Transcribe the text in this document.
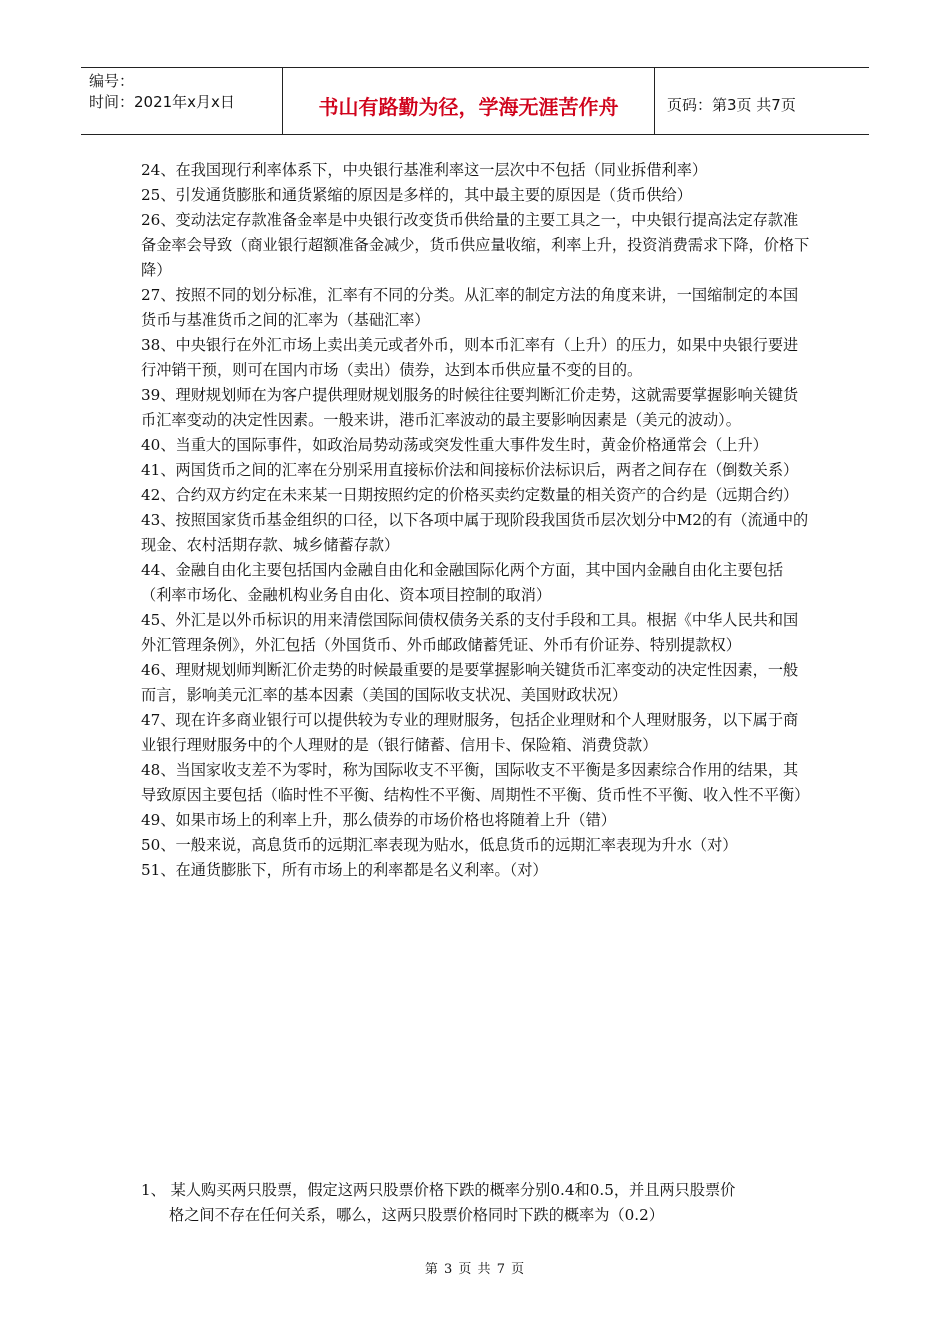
编号：
时间：2021年x月x日	书山有路勤为径，学海无涯苦作舟	页码：第3页 共7页

24、在我国现行利率体系下，中央银行基准利率这一层次中不包括（同业拆借利率）

25、引发通货膨胀和通货紧缩的原因是多样的，其中最主要的原因是（货币供给）

26、变动法定存款准备金率是中央银行改变货币供给量的主要工具之一，中央银行提高法定存款准备金率会导致（商业银行超额准备金减少，货币供应量收缩，利率上升，投资消费需求下降，价格下降）

27、按照不同的划分标准，汇率有不同的分类。从汇率的制定方法的角度来讲，一国缩制定的本国货币与基准货币之间的汇率为（基础汇率）

38、中央银行在外汇市场上卖出美元或者外币，则本币汇率有（上升）的压力，如果中央银行要进行冲销干预，则可在国内市场（卖出）债券，达到本币供应量不变的目的。

39、理财规划师在为客户提供理财规划服务的时候往往要判断汇价走势，这就需要掌握影响关键货币汇率变动的决定性因素。一般来讲，港币汇率波动的最主要影响因素是（美元的波动）。

40、当重大的国际事件，如政治局势动荡或突发性重大事件发生时，黄金价格通常会（上升）

41、两国货币之间的汇率在分别采用直接标价法和间接标价法标识后，两者之间存在（倒数关系）

42、合约双方约定在未来某一日期按照约定的价格买卖约定数量的相关资产的合约是（远期合约）

43、按照国家货币基金组织的口径，以下各项中属于现阶段我国货币层次划分中M2的有（流通中的现金、农村活期存款、城乡储蓄存款）

44、金融自由化主要包括国内金融自由化和金融国际化两个方面，其中国内金融自由化主要包括（利率市场化、金融机构业务自由化、资本项目控制的取消）

45、外汇是以外币标识的用来清偿国际间债权债务关系的支付手段和工具。根据《中华人民共和国外汇管理条例》，外汇包括（外国货币、外币邮政储蓄凭证、外币有价证券、特别提款权）

46、理财规划师判断汇价走势的时候最重要的是要掌握影响关键货币汇率变动的决定性因素，一般而言，影响美元汇率的基本因素（美国的国际收支状况、美国财政状况）

47、现在许多商业银行可以提供较为专业的理财服务，包括企业理财和个人理财服务，以下属于商业银行理财服务中的个人理财的是（银行储蓄、信用卡、保险箱、消费贷款）

48、当国家收支差不为零时，称为国际收支不平衡，国际收支不平衡是多因素综合作用的结果，其导致原因主要包括（临时性不平衡、结构性不平衡、周期性不平衡、货币性不平衡、收入性不平衡）

49、如果市场上的利率上升，那么债券的市场价格也将随着上升（错）

50、一般来说，高息货币的远期汇率表现为贴水，低息货币的远期汇率表现为升水（对）

51、在通货膨胀下，所有市场上的利率都是名义利率。（对）

1、 某人购买两只股票，假定这两只股票价格下跌的概率分别0.4和0.5，并且两只股票价
格之间不存在任何关系，哪么，这两只股票价格同时下跌的概率为（0.2）
第 3 页 共 7 页
